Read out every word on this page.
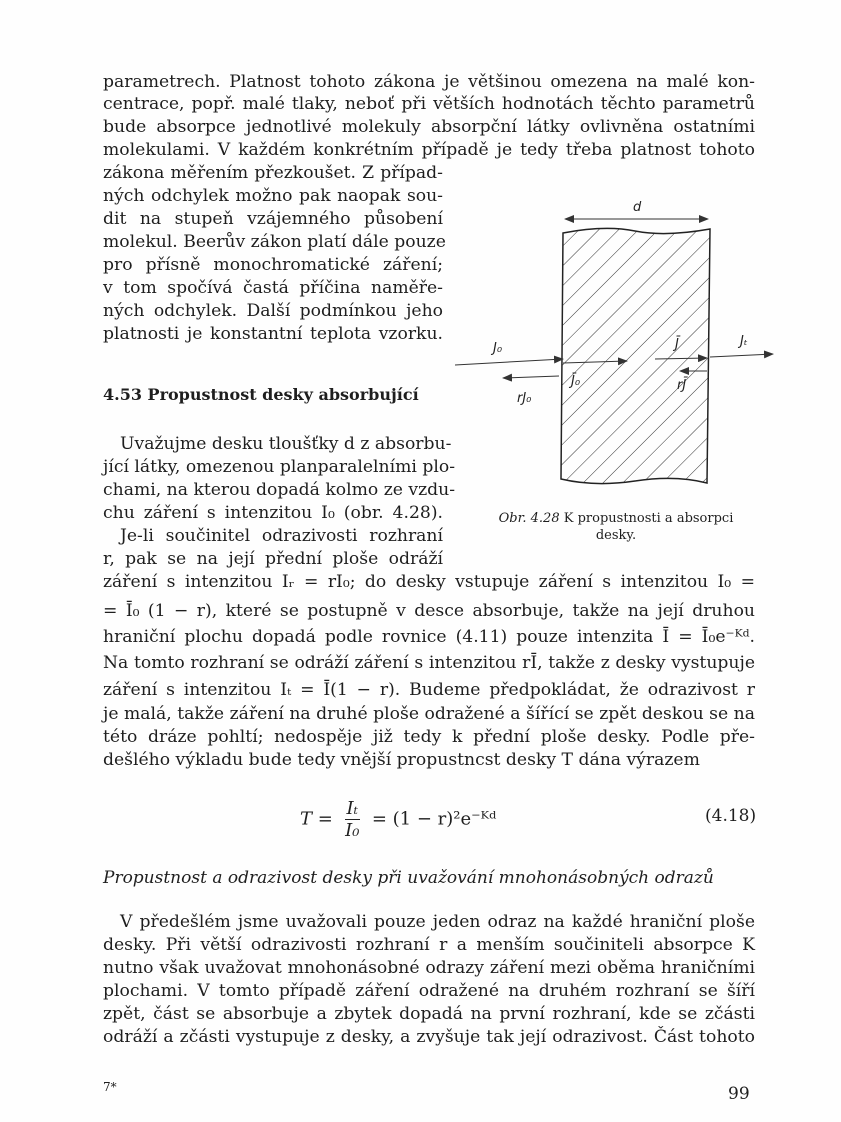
parametrech. Platnost tohoto zákona je většinou omezena na malé kon-
centrace, popř. malé tlaky, neboť při větších hodnotách těchto parametrů
bude absorpce jednotlivé molekuly absorpční látky ovlivněna ostatními
molekulami. V každém konkrétním případě je tedy třeba platnost tohoto
zákona měřením přezkoušet. Z případ-
ných odchylek možno pak naopak sou-
dit na stupeň vzájemného působení
molekul. Beerův zákon platí dále pouze
pro přísně monochromatické záření;
v tom spočívá častá příčina naměře-
ných odchylek. Další podmínkou jeho
platnosti je konstantní teplota vzorku.
4.53 Propustnost desky absorbující
Uvažujme desku tloušťky d z absorbu-
jící látky, omezenou planparalelními plo-
chami, na kterou dopadá kolmo ze vzdu-
chu záření s intenzitou I₀ (obr. 4.28).
Je-li součinitel odrazivosti rozhraní
r, pak se na její přední ploše odráží
záření s intenzitou Iᵣ = rI₀; do desky vstupuje záření s intenzitou I₀ =
= Ī₀ (1 − r), které se postupně v desce absorbuje, takže na její druhou
hraniční plochu dopadá podle rovnice (4.11) pouze intenzita Ī = Ī₀e⁻ᴷᵈ.
Na tomto rozhraní se odráží záření s intenzitou rĪ, takže z desky vystupuje
záření s intenzitou Iₜ = Ī(1 − r). Budeme předpokládat, že odrazivost r
je malá, takže záření na druhé ploše odražené a šířící se zpět deskou se na
této dráze pohltí; nedospěje již tedy k přední ploše desky. Podle pře-
dešlého výkladu bude tedy vnější propustncst desky T dána výrazem
$T = \frac{\text{Iₜ}}{\text{I₀}} = (1$ − r)²e⁻ᴷᵈ	(4.18)
Propustnost a odrazivost desky při uvažování mnohonásobných odrazů
V předešlém jsme uvažovali pouze jeden odraz na každé hraniční ploše
desky. Při větší odrazivosti rozhraní r a menším součiniteli absorpce K
nutno však uvažovat mnohonásobné odrazy záření mezi oběma hraničními
plochami. V tomto případě záření odražené na druhém rozhraní se šíří
zpět, část se absorbuje a zbytek dopadá na první rozhraní, kde se zčásti
odráží a zčásti vystupuje z desky, a zvyšuje tak její odrazivost. Část tohoto
d
J₀
J̄₀
rJ₀
J̄
rJ̄
Jₜ
Obr. 4.28 K propustnosti a absorpci
desky.
7*	99
